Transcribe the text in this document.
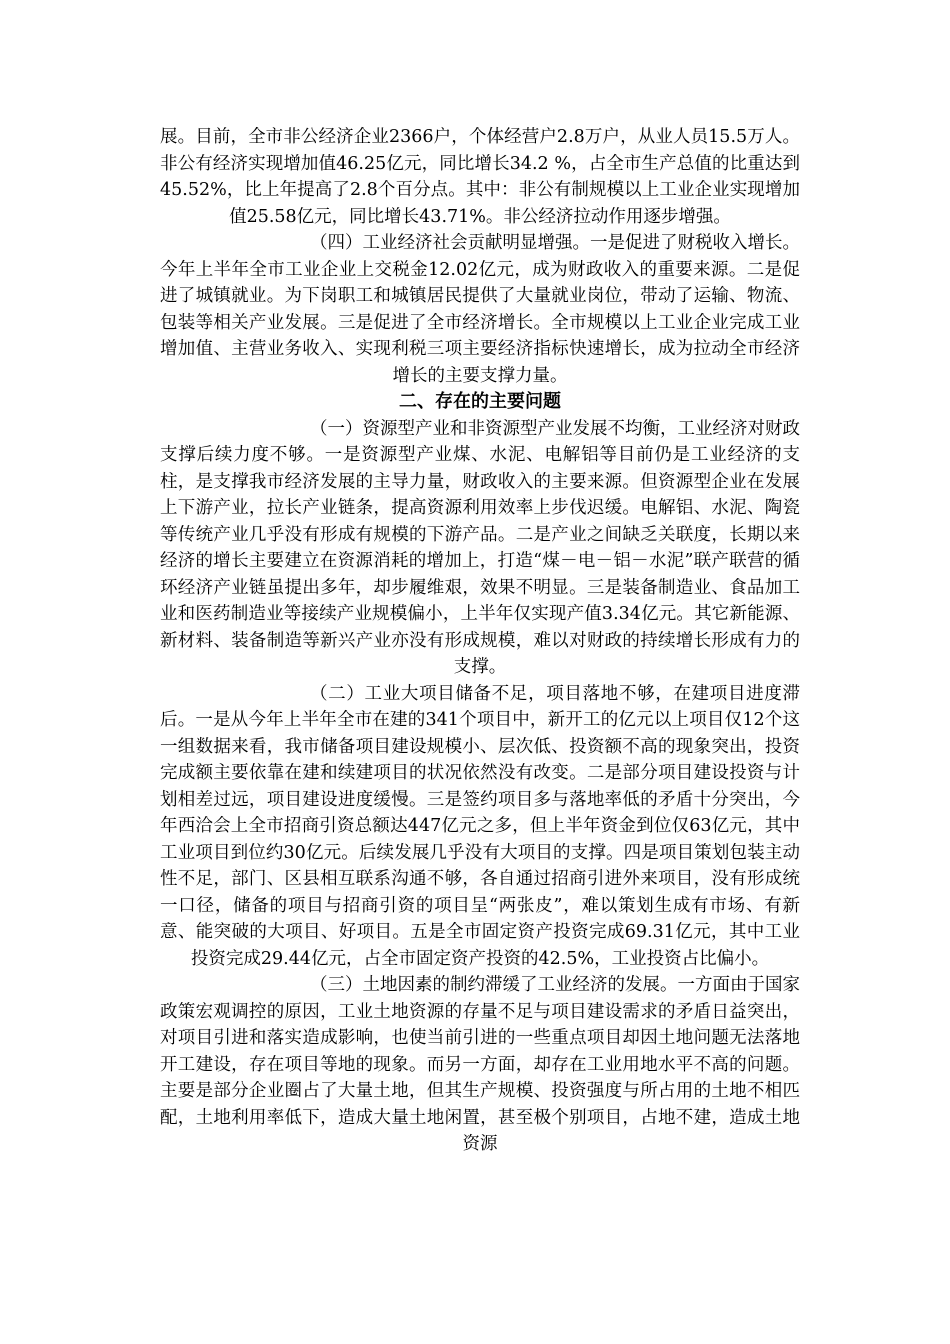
展。目前，全市非公经济企业2366户，个体经营户2.8万户，从业人员15.5万人。非公有经济实现增加值46.25亿元，同比增长34.2 %，占全市生产总值的比重达到45.52%，比上年提高了2.8个百分点。其中：非公有制规模以上工业企业实现增加值25.58亿元，同比增长43.71%。非公经济拉动作用逐步增强。

（四）工业经济社会贡献明显增强。一是促进了财税收入增长。今年上半年全市工业企业上交税金12.02亿元，成为财政收入的重要来源。二是促进了城镇就业。为下岗职工和城镇居民提供了大量就业岗位，带动了运输、物流、包装等相关产业发展。三是促进了全市经济增长。全市规模以上工业企业完成工业增加值、主营业务收入、实现利税三项主要经济指标快速增长，成为拉动全市经济增长的主要支撑力量。

二、存在的主要问题

（一）资源型产业和非资源型产业发展不均衡，工业经济对财政支撑后续力度不够。一是资源型产业煤、水泥、电解铝等目前仍是工业经济的支柱，是支撑我市经济发展的主导力量，财政收入的主要来源。但资源型企业在发展上下游产业，拉长产业链条，提高资源利用效率上步伐迟缓。电解铝、水泥、陶瓷等传统产业几乎没有形成有规模的下游产品。二是产业之间缺乏关联度，长期以来经济的增长主要建立在资源消耗的增加上，打造“煤－电－铝－水泥”联产联营的循环经济产业链虽提出多年，却步履维艰，效果不明显。三是装备制造业、食品加工业和医药制造业等接续产业规模偏小，上半年仅实现产值3.34亿元。其它新能源、新材料、装备制造等新兴产业亦没有形成规模，难以对财政的持续增长形成有力的支撑。

（二）工业大项目储备不足，项目落地不够，在建项目进度滞后。一是从今年上半年全市在建的341个项目中，新开工的亿元以上项目仅12个这一组数据来看，我市储备项目建设规模小、层次低、投资额不高的现象突出，投资完成额主要依靠在建和续建项目的状况依然没有改变。二是部分项目建设投资与计划相差过远，项目建设进度缓慢。三是签约项目多与落地率低的矛盾十分突出，今年西洽会上全市招商引资总额达447亿元之多，但上半年资金到位仅63亿元，其中工业项目到位约30亿元。后续发展几乎没有大项目的支撑。四是项目策划包装主动性不足，部门、区县相互联系沟通不够，各自通过招商引进外来项目，没有形成统一口径，储备的项目与招商引资的项目呈“两张皮”，难以策划生成有市场、有新意、能突破的大项目、好项目。五是全市固定资产投资完成69.31亿元，其中工业投资完成29.44亿元，占全市固定资产投资的42.5%，工业投资占比偏小。

（三）土地因素的制约滞缓了工业经济的发展。一方面由于国家政策宏观调控的原因，工业土地资源的存量不足与项目建设需求的矛盾日益突出，对项目引进和落实造成影响，也使当前引进的一些重点项目却因土地问题无法落地开工建设，存在项目等地的现象。而另一方面，却存在工业用地水平不高的问题。主要是部分企业圈占了大量土地，但其生产规模、投资强度与所占用的土地不相匹配，土地利用率低下，造成大量土地闲置，甚至极个别项目，占地不建，造成土地资源
